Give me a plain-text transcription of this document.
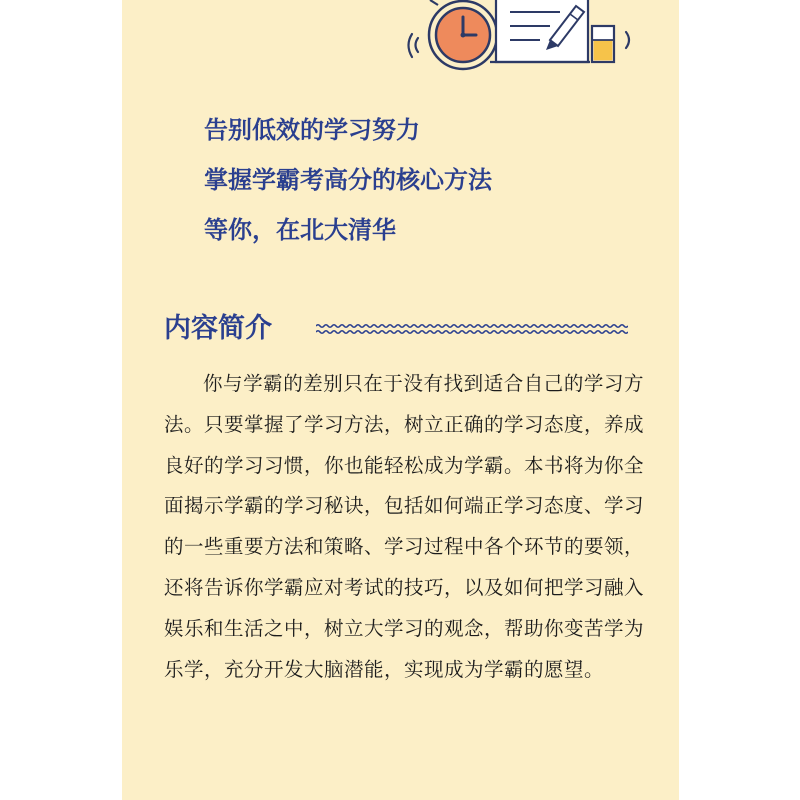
告别低效的学习努力
掌握学霸考高分的核心方法
等你，在北大清华
内容简介

你与学霸的差别只在于没有找到适合自己的学习方法。只要掌握了学习方法，树立正确的学习态度，养成良好的学习习惯，你也能轻松成为学霸。本书将为你全面揭示学霸的学习秘诀，包括如何端正学习态度、学习的一些重要方法和策略、学习过程中各个环节的要领，还将告诉你学霸应对考试的技巧，以及如何把学习融入娱乐和生活之中，树立大学习的观念，帮助你变苦学为乐学，充分开发大脑潜能，实现成为学霸的愿望。
